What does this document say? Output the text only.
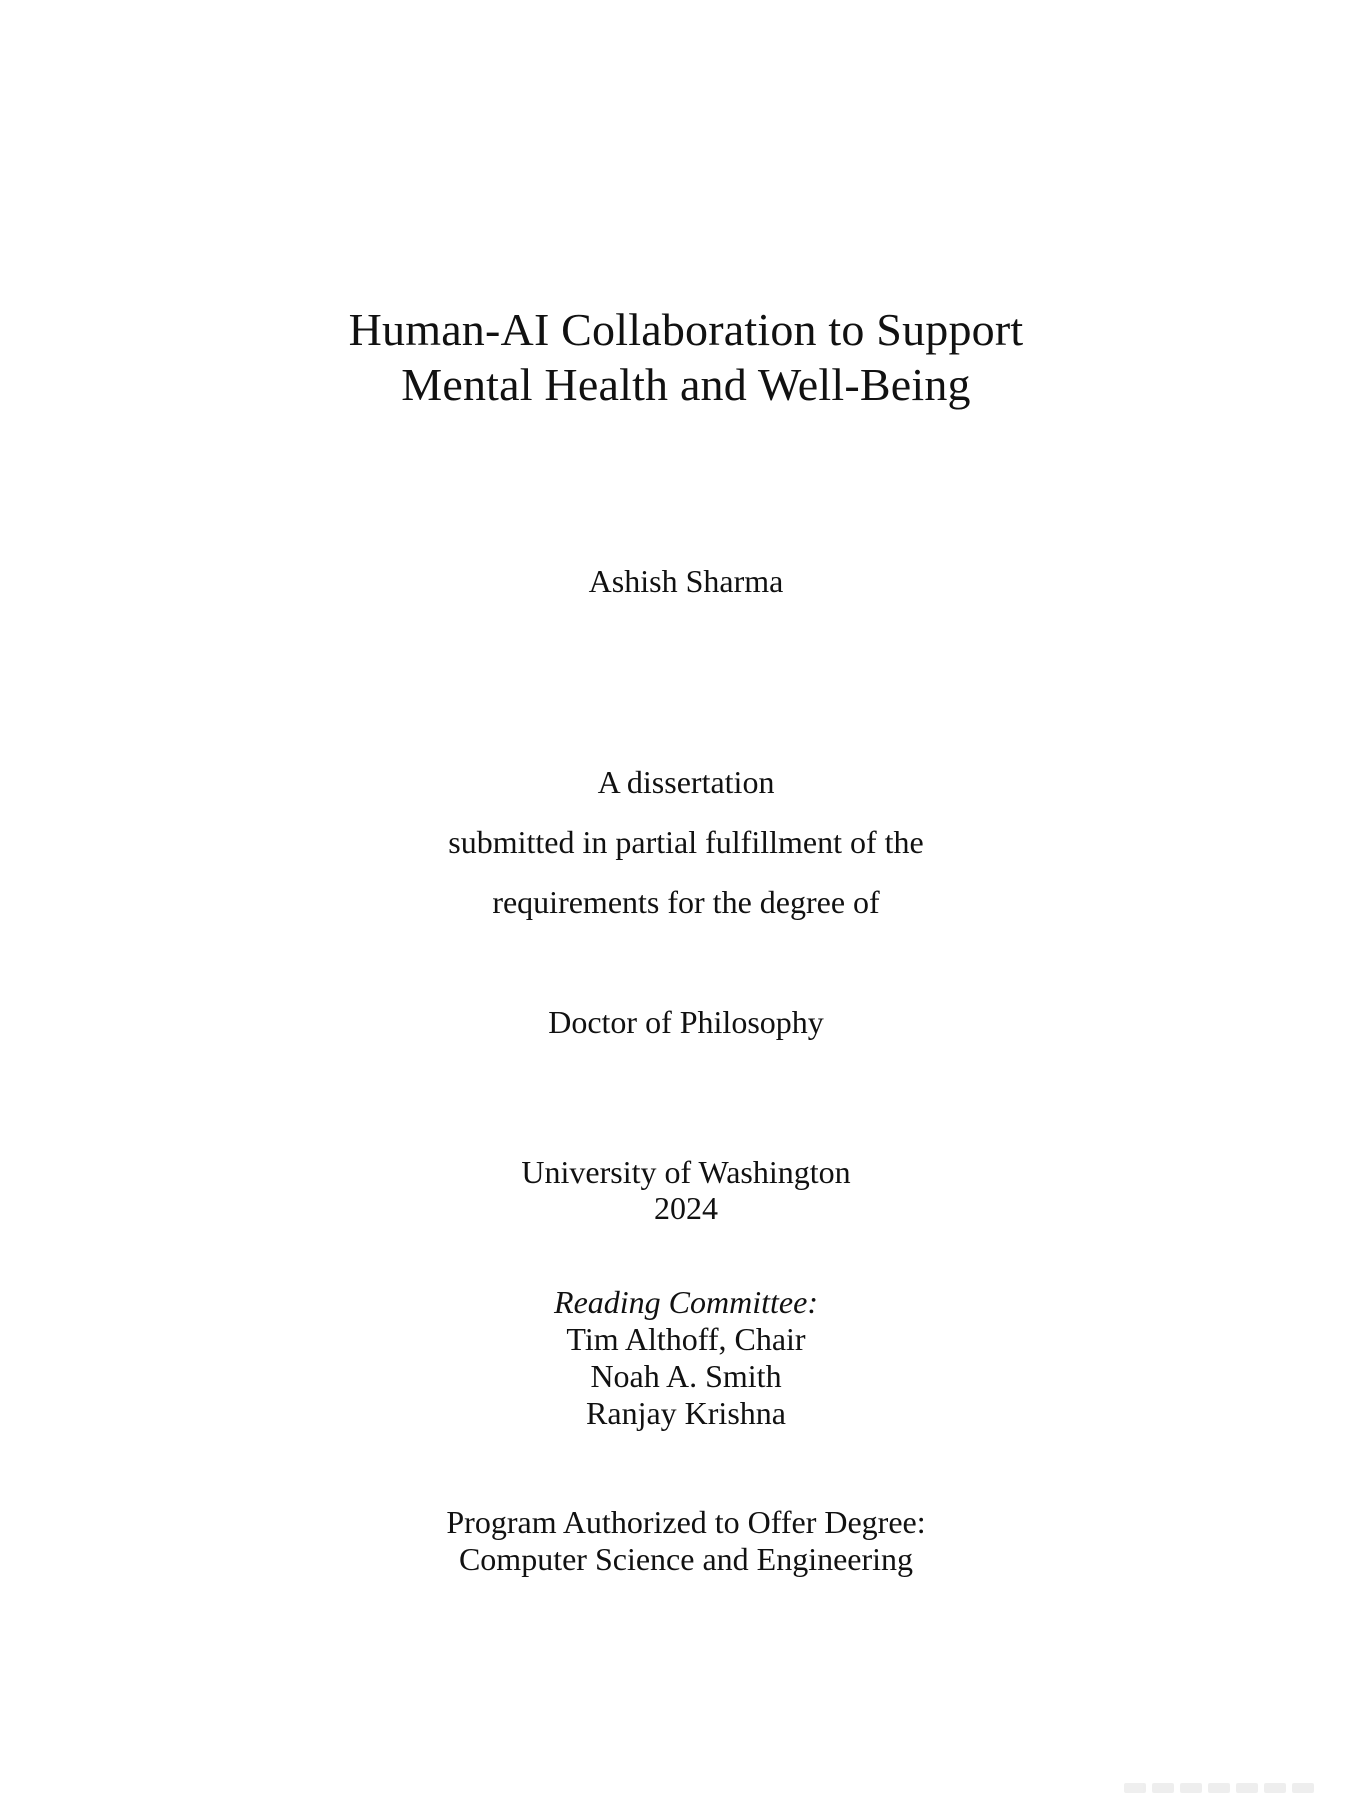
Human-AI Collaboration to Support
Mental Health and Well-Being
Ashish Sharma
A dissertation
submitted in partial fulfillment of the
requirements for the degree of
Doctor of Philosophy
University of Washington
2024
Reading Committee:
Tim Althoff, Chair
Noah A. Smith
Ranjay Krishna
Program Authorized to Offer Degree:
Computer Science and Engineering
